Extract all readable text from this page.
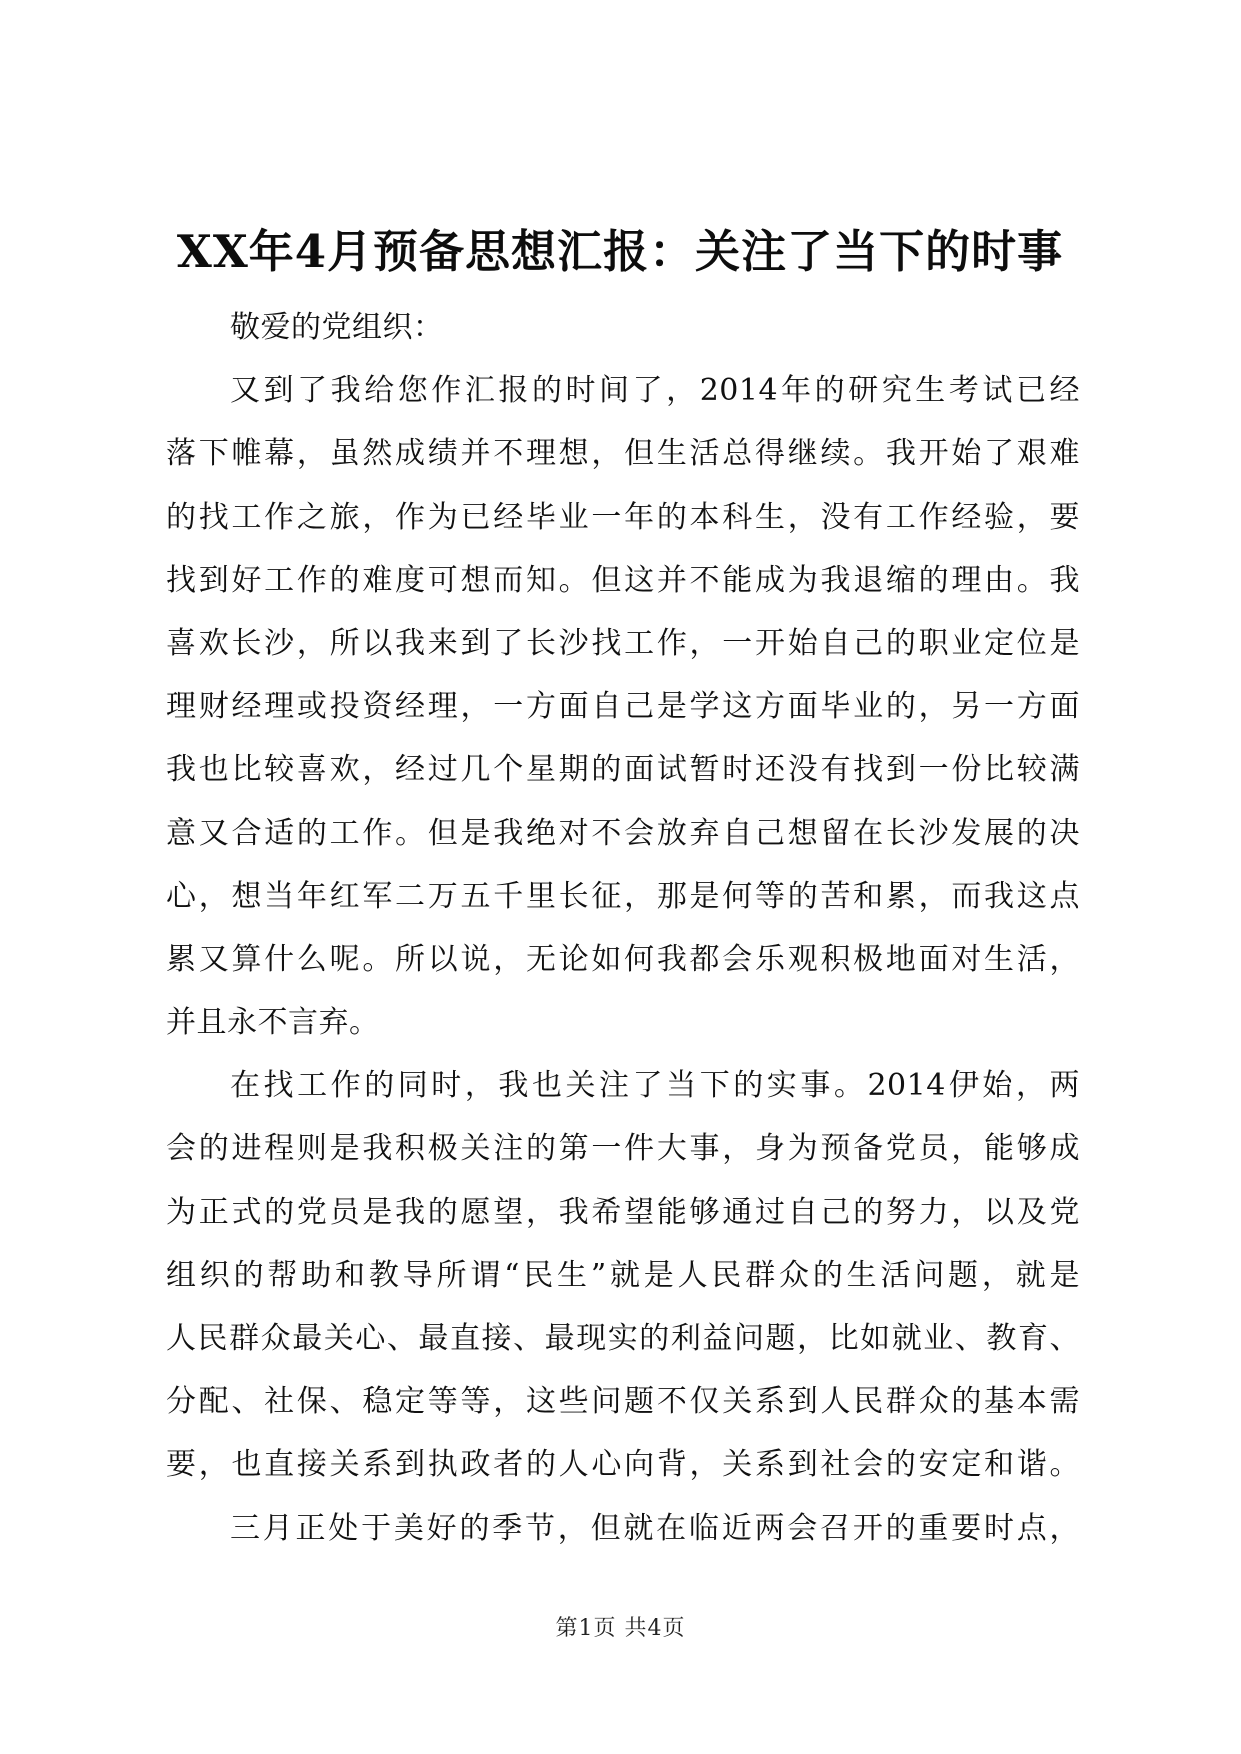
XX年4月预备思想汇报：关注了当下的时事
敬爱的党组织：
又到了我给您作汇报的时间了，2014年的研究生考试已经
落下帷幕，虽然成绩并不理想，但生活总得继续。我开始了艰难
的找工作之旅，作为已经毕业一年的本科生，没有工作经验，要
找到好工作的难度可想而知。但这并不能成为我退缩的理由。我
喜欢长沙，所以我来到了长沙找工作，一开始自己的职业定位是
理财经理或投资经理，一方面自己是学这方面毕业的，另一方面
我也比较喜欢，经过几个星期的面试暂时还没有找到一份比较满
意又合适的工作。但是我绝对不会放弃自己想留在长沙发展的决
心，想当年红军二万五千里长征，那是何等的苦和累，而我这点
累又算什么呢。所以说，无论如何我都会乐观积极地面对生活，
并且永不言弃。
在找工作的同时，我也关注了当下的实事。2014伊始，两
会的进程则是我积极关注的第一件大事，身为预备党员，能够成
为正式的党员是我的愿望，我希望能够通过自己的努力，以及党
组织的帮助和教导所谓“民生”就是人民群众的生活问题，就是
人民群众最关心、最直接、最现实的利益问题，比如就业、教育、
分配、社保、稳定等等，这些问题不仅关系到人民群众的基本需
要，也直接关系到执政者的人心向背，关系到社会的安定和谐。
三月正处于美好的季节，但就在临近两会召开的重要时点，
第1页 共4页
